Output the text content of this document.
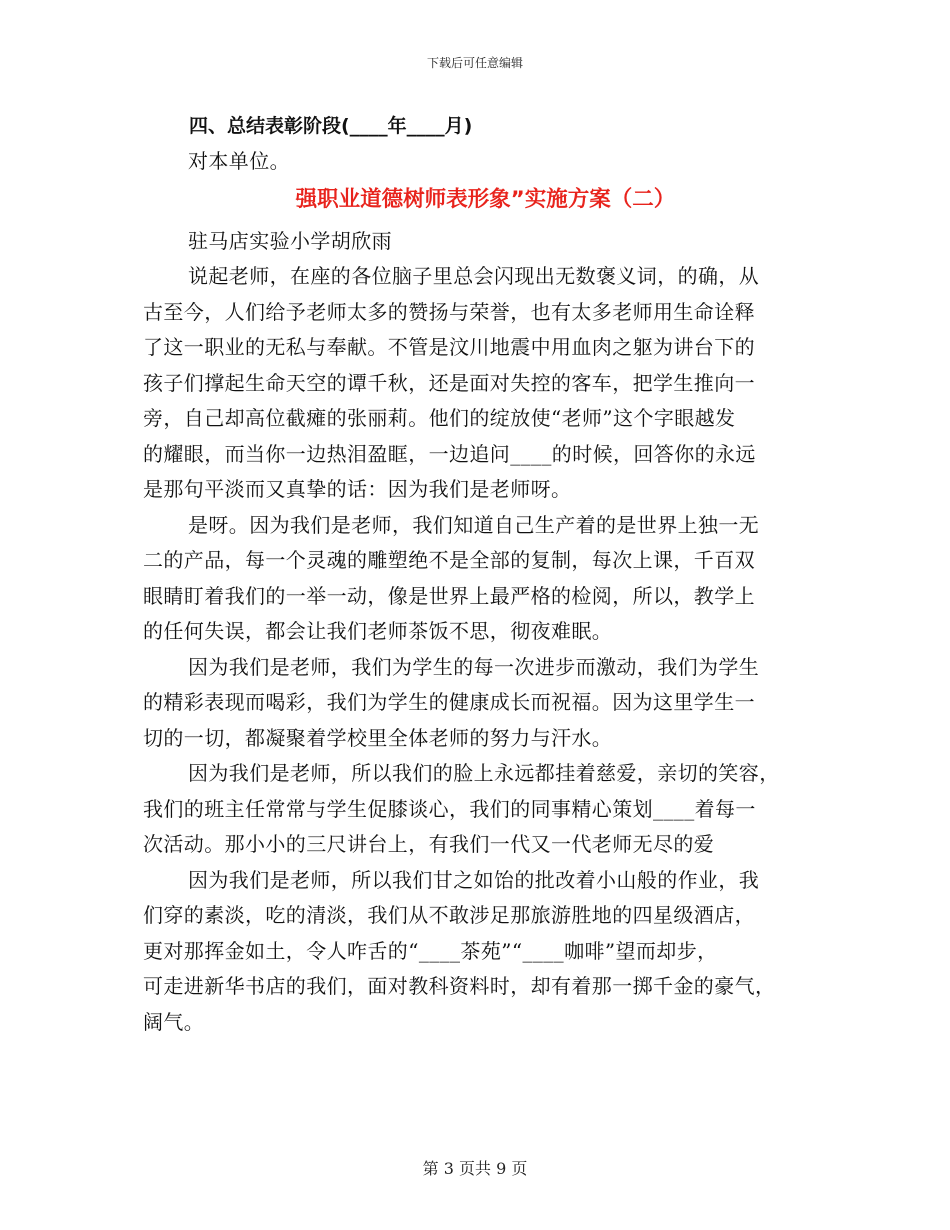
下载后可任意编辑
四、总结表彰阶段(____年____月)
对本单位。
强职业道德树师表形象”实施方案（二）
驻马店实验小学胡欣雨
说起老师，在座的各位脑子里总会闪现出无数褒义词，的确，从
古至今，人们给予老师太多的赞扬与荣誉，也有太多老师用生命诠释
了这一职业的无私与奉献。不管是汶川地震中用血肉之躯为讲台下的
孩子们撑起生命天空的谭千秋，还是面对失控的客车，把学生推向一
旁，自己却高位截瘫的张丽莉。他们的绽放使“老师”这个字眼越发
的耀眼，而当你一边热泪盈眶，一边追问____的时候，回答你的永远
是那句平淡而又真挚的话：因为我们是老师呀。
是呀。因为我们是老师，我们知道自己生产着的是世界上独一无
二的产品，每一个灵魂的雕塑绝不是全部的复制，每次上课，千百双
眼睛盯着我们的一举一动，像是世界上最严格的检阅，所以，教学上
的任何失误，都会让我们老师茶饭不思，彻夜难眠。
因为我们是老师，我们为学生的每一次进步而激动，我们为学生
的精彩表现而喝彩，我们为学生的健康成长而祝福。因为这里学生一
切的一切，都凝聚着学校里全体老师的努力与汗水。
因为我们是老师，所以我们的脸上永远都挂着慈爱，亲切的笑容，
我们的班主任常常与学生促膝谈心，我们的同事精心策划____着每一
次活动。那小小的三尺讲台上，有我们一代又一代老师无尽的爱
因为我们是老师，所以我们甘之如饴的批改着小山般的作业，我
们穿的素淡，吃的清淡，我们从不敢涉足那旅游胜地的四星级酒店，
更对那挥金如土，令人咋舌的“____茶苑”“____咖啡”望而却步，
可走进新华书店的我们，面对教科资料时，却有着那一掷千金的豪气，
阔气。
第 3 页共 9 页
